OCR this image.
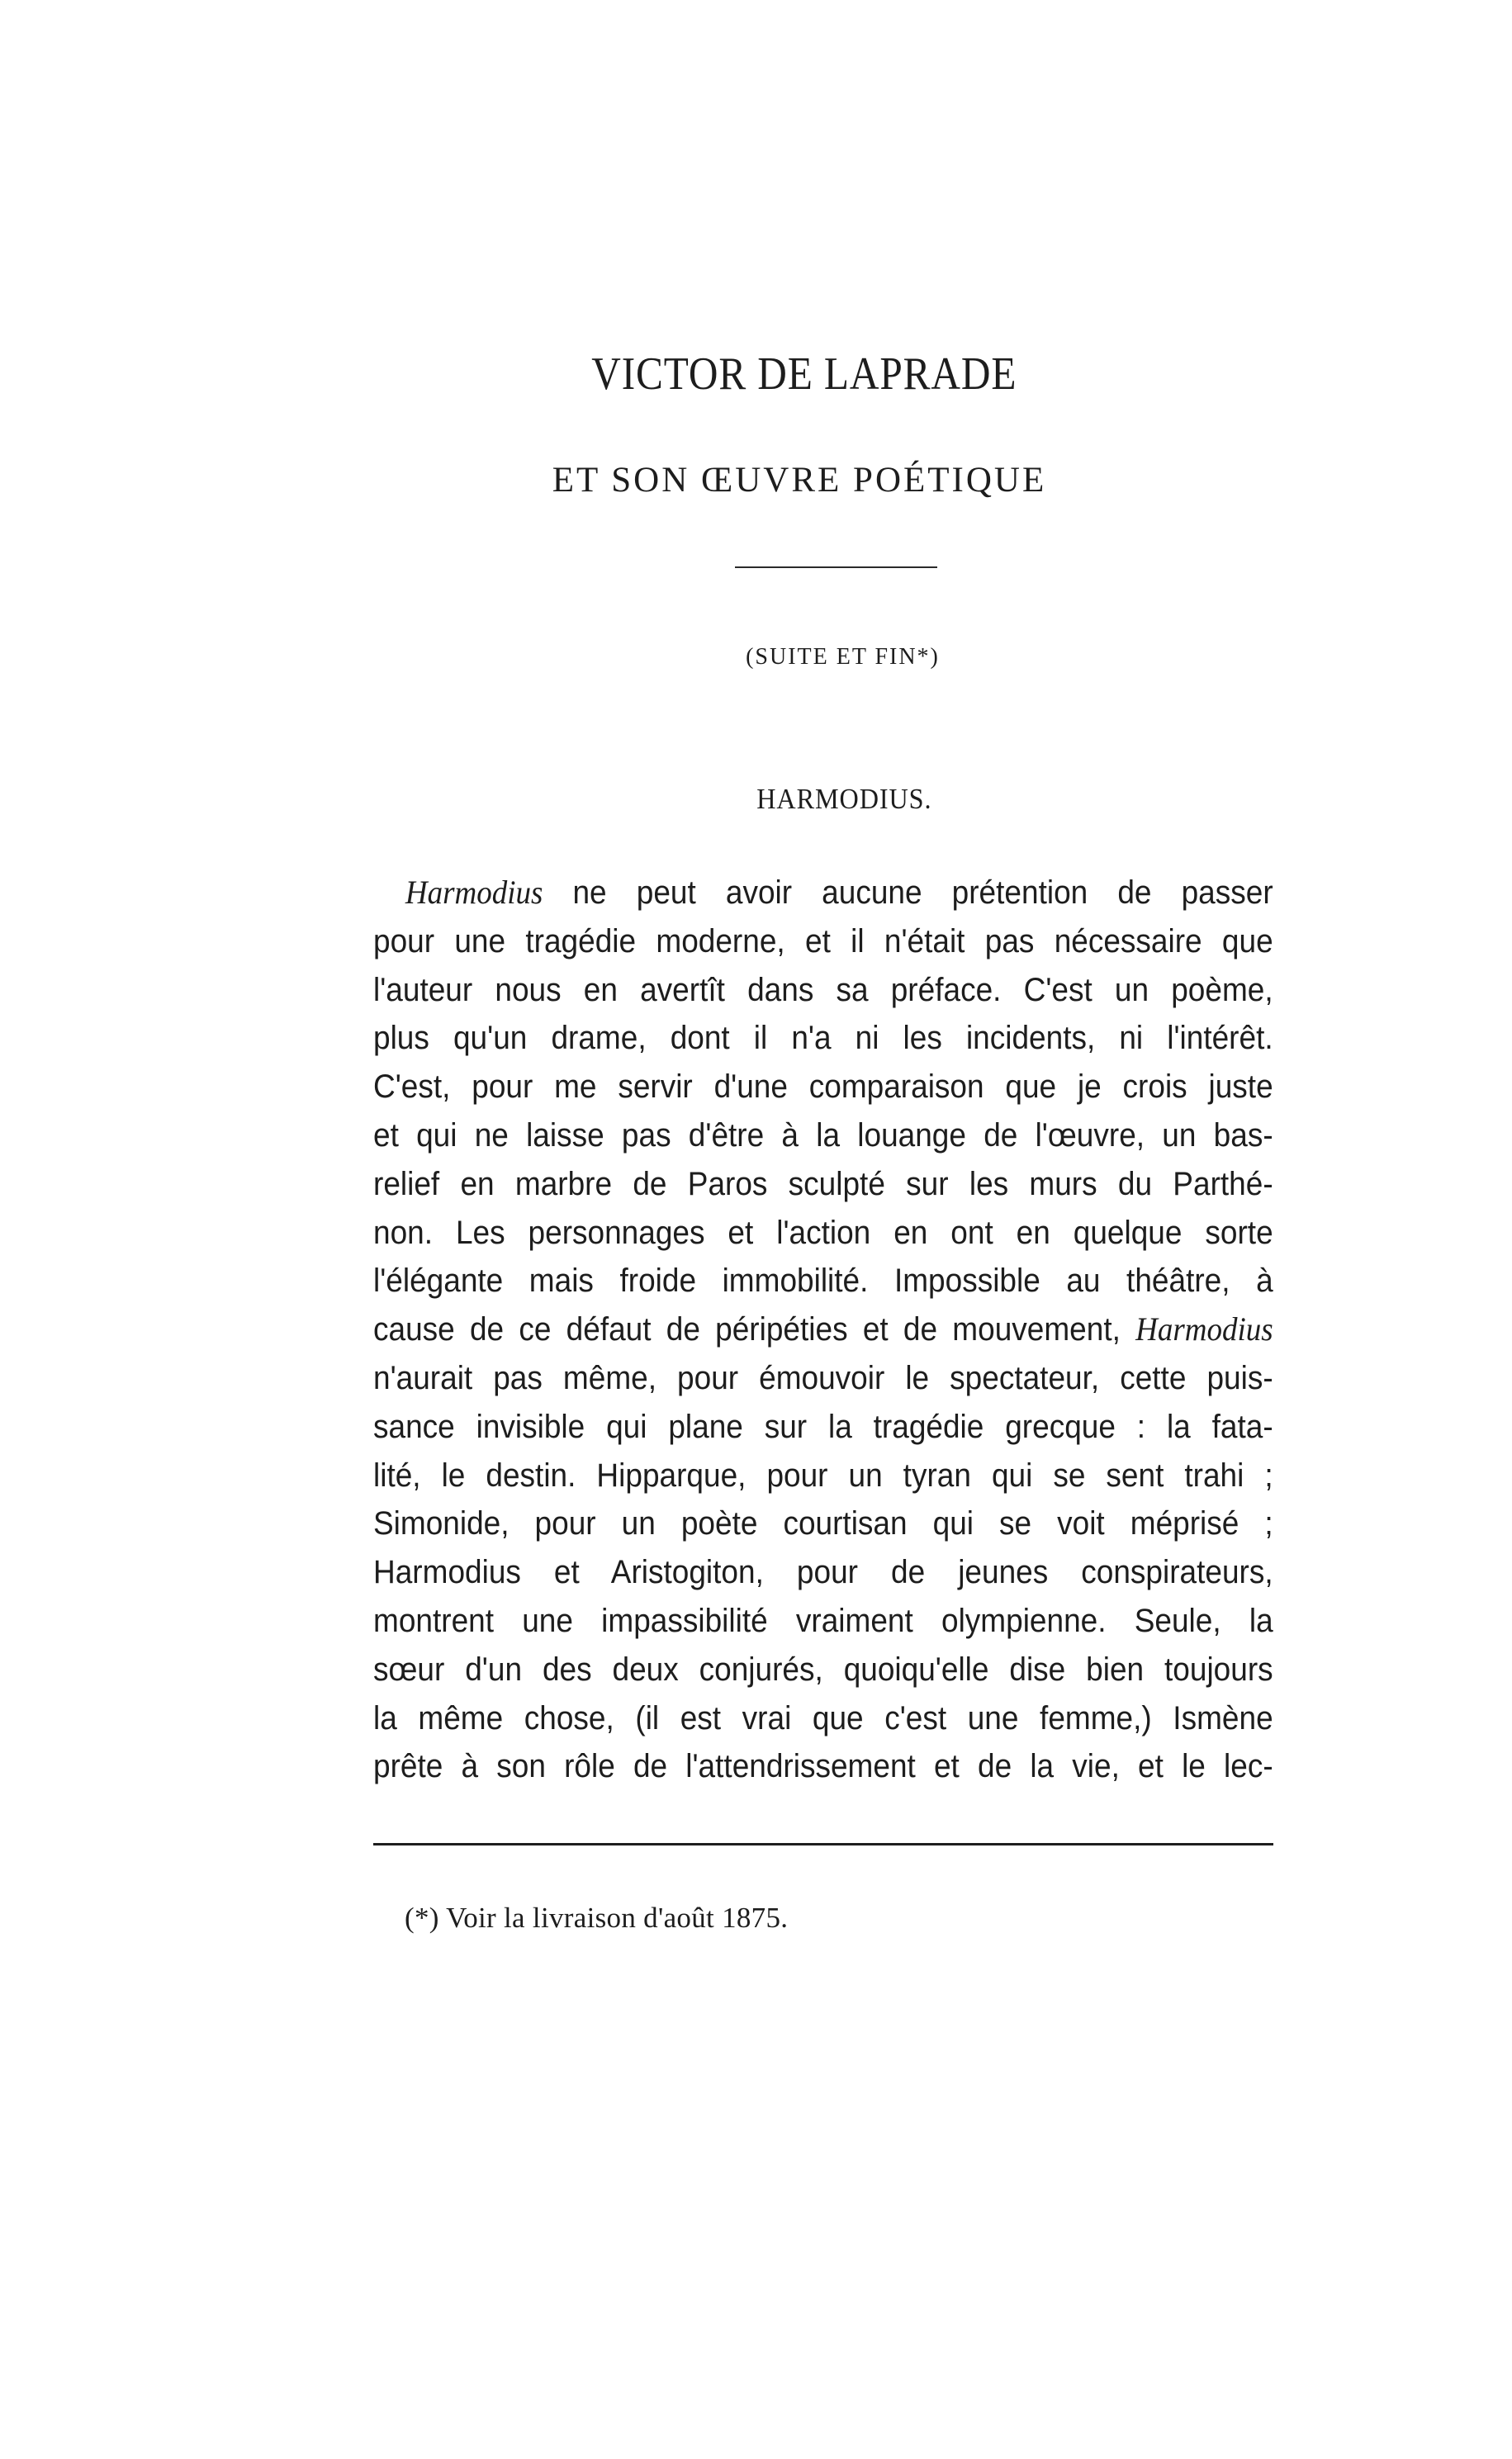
VICTOR DE LAPRADE
ET SON ŒUVRE POÉTIQUE
(SUITE ET FIN*)
HARMODIUS.
Harmodius ne peut avoir aucune prétention de passer
pour une tragédie moderne, et il n'était pas nécessaire que
l'auteur nous en avertît dans sa préface. C'est un poème,
plus qu'un drame, dont il n'a ni les incidents, ni l'intérêt.
C'est, pour me servir d'une comparaison que je crois juste
et qui ne laisse pas d'être à la louange de l'œuvre, un bas-
relief en marbre de Paros sculpté sur les murs du Parthé-
non. Les personnages et l'action en ont en quelque sorte
l'élégante mais froide immobilité. Impossible au théâtre, à
cause de ce défaut de péripéties et de mouvement, Harmodius
n'aurait pas même, pour émouvoir le spectateur, cette puis-
sance invisible qui plane sur la tragédie grecque : la fata-
lité, le destin. Hipparque, pour un tyran qui se sent trahi ;
Simonide, pour un poète courtisan qui se voit méprisé ;
Harmodius et Aristogiton, pour de jeunes conspirateurs,
montrent une impassibilité vraiment olympienne. Seule, la
sœur d'un des deux conjurés, quoiqu'elle dise bien toujours
la même chose, (il est vrai que c'est une femme,) Ismène
prête à son rôle de l'attendrissement et de la vie, et le lec-
(*) Voir la livraison d'août 1875.
